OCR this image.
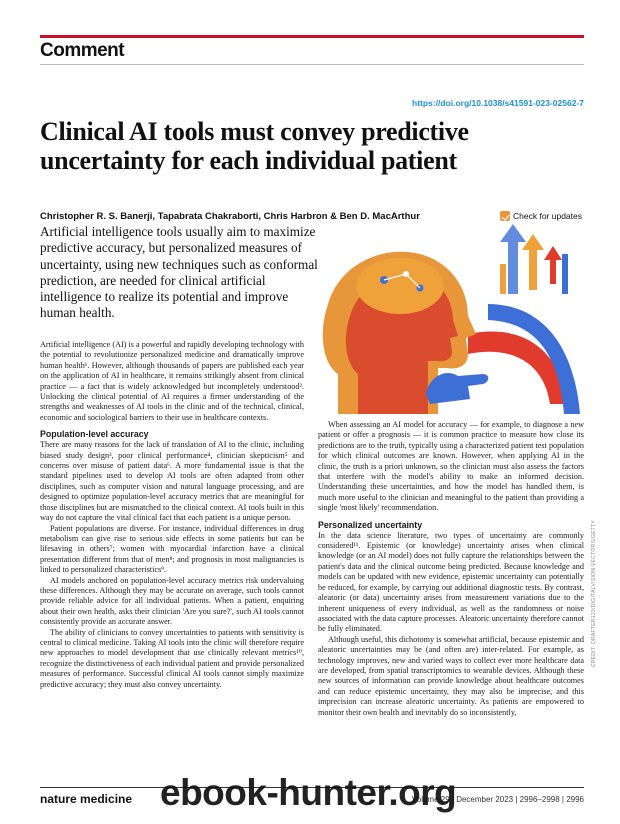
Comment
https://doi.org/10.1038/s41591-023-02562-7
Clinical AI tools must convey predictive uncertainty for each individual patient
Christopher R. S. Banerji, Tapabrata Chakraborti, Chris Harbron & Ben D. MacArthur	Check for updates
Artificial intelligence tools usually aim to maximize predictive accuracy, but personalized measures of uncertainty, using new techniques such as conformal prediction, are needed for clinical artificial intelligence to realize its potential and improve human health.

Artificial intelligence (AI) is a powerful and rapidly developing technology with the potential to revolutionize personalized medicine and dramatically improve human health¹. However, although thousands of papers are published each year on the application of AI in healthcare, it remains strikingly absent from clinical practice — a fact that is widely acknowledged but incompletely understood². Unlocking the clinical potential of AI requires a firmer understanding of the strengths and weaknesses of AI tools in the clinic and of the technical, clinical, economic and sociological barriers to their use in healthcare contexts.

Population-level accuracy

There are many reasons for the lack of translation of AI to the clinic, including biased study design³, poor clinical performance⁴, clinician skepticism⁵ and concerns over misuse of patient data⁶. A more fundamental issue is that the standard pipelines used to develop AI tools are often adapted from other disciplines, such as computer vision and natural language processing, and are designed to optimize population-level accuracy metrics that are meaningful for those disciplines but are mismatched to the clinical context. AI tools built in this way do not capture the vital clinical fact that each patient is a unique person.

Patient populations are diverse. For instance, individual differences in drug metabolism can give rise to serious side effects in some patients but can be lifesaving in others⁷; women with myocardial infarction have a clinical presentation different from that of men⁸; and prognosis in most malignancies is linked to personalized characteristics⁹.

AI models anchored on population-level accuracy metrics risk undervaluing these differences. Although they may be accurate on average, such tools cannot provide reliable advice for all individual patients. When a patient, enquiring about their own health, asks their clinician 'Are you sure?', such AI tools cannot consistently provide an accurate answer.

The ability of clinicians to convey uncertainties to patients with sensitivity is central to clinical medicine. Taking AI tools into the clinic will therefore require new approaches to model development that use clinically relevant metrics¹⁰, recognize the distinctiveness of each individual patient and provide personalized measures of performance. Successful clinical AI tools cannot simply maximize predictive accuracy; they must also convey uncertainty.

When assessing an AI model for accuracy — for example, to diagnose a new patient or offer a prognosis — it is common practice to measure how close its predictions are to the truth, typically using a characterized patient test population for which clinical outcomes are known. However, when applying AI in the clinic, the truth is a priori unknown, so the clinician must also assess the factors that interfere with the model's ability to make an informed decision. Understanding these uncertainties, and how the model has handled them, is much more useful to the clinician and meaningful to the patient than providing a single 'most likely' recommendation.

Personalized uncertainty

In the data science literature, two types of uncertainty are commonly considered¹¹. Epistemic (or knowledge) uncertainty arises when clinical knowledge (or an AI model) does not fully capture the relationships between the patient's data and the clinical outcome being predicted. Because knowledge and models can be updated with new evidence, epistemic uncertainty can potentially be reduced, for example, by carrying out additional diagnostic tests. By contrast, aleatoric (or data) uncertainty arises from measurement variations due to the inherent uniqueness of every individual, as well as the randomness or noise associated with the data capture processes. Aleatoric uncertainty therefore cannot be fully eliminated.

Although useful, this dichotomy is somewhat artificial, because epistemic and aleatoric uncertainties may be (and often are) inter-related. For example, as technology improves, new and varied ways to collect ever more healthcare data are developed, from spatial transcriptomics to wearable devices. Although these new sources of information can provide knowledge about healthcare outcomes and can reduce epistemic uncertainty, they may also be imprecise, and this imprecision can increase aleatoric uncertainty. As patients are empowered to monitor their own health and inevitably do so inconsistently,

CREDIT: DRAFTER123/DIGITALVISION VECTORS/GETTY
nature medicine	Volume 29 | December 2023 | 2996–2998 | 2996
ebook-hunter.org
